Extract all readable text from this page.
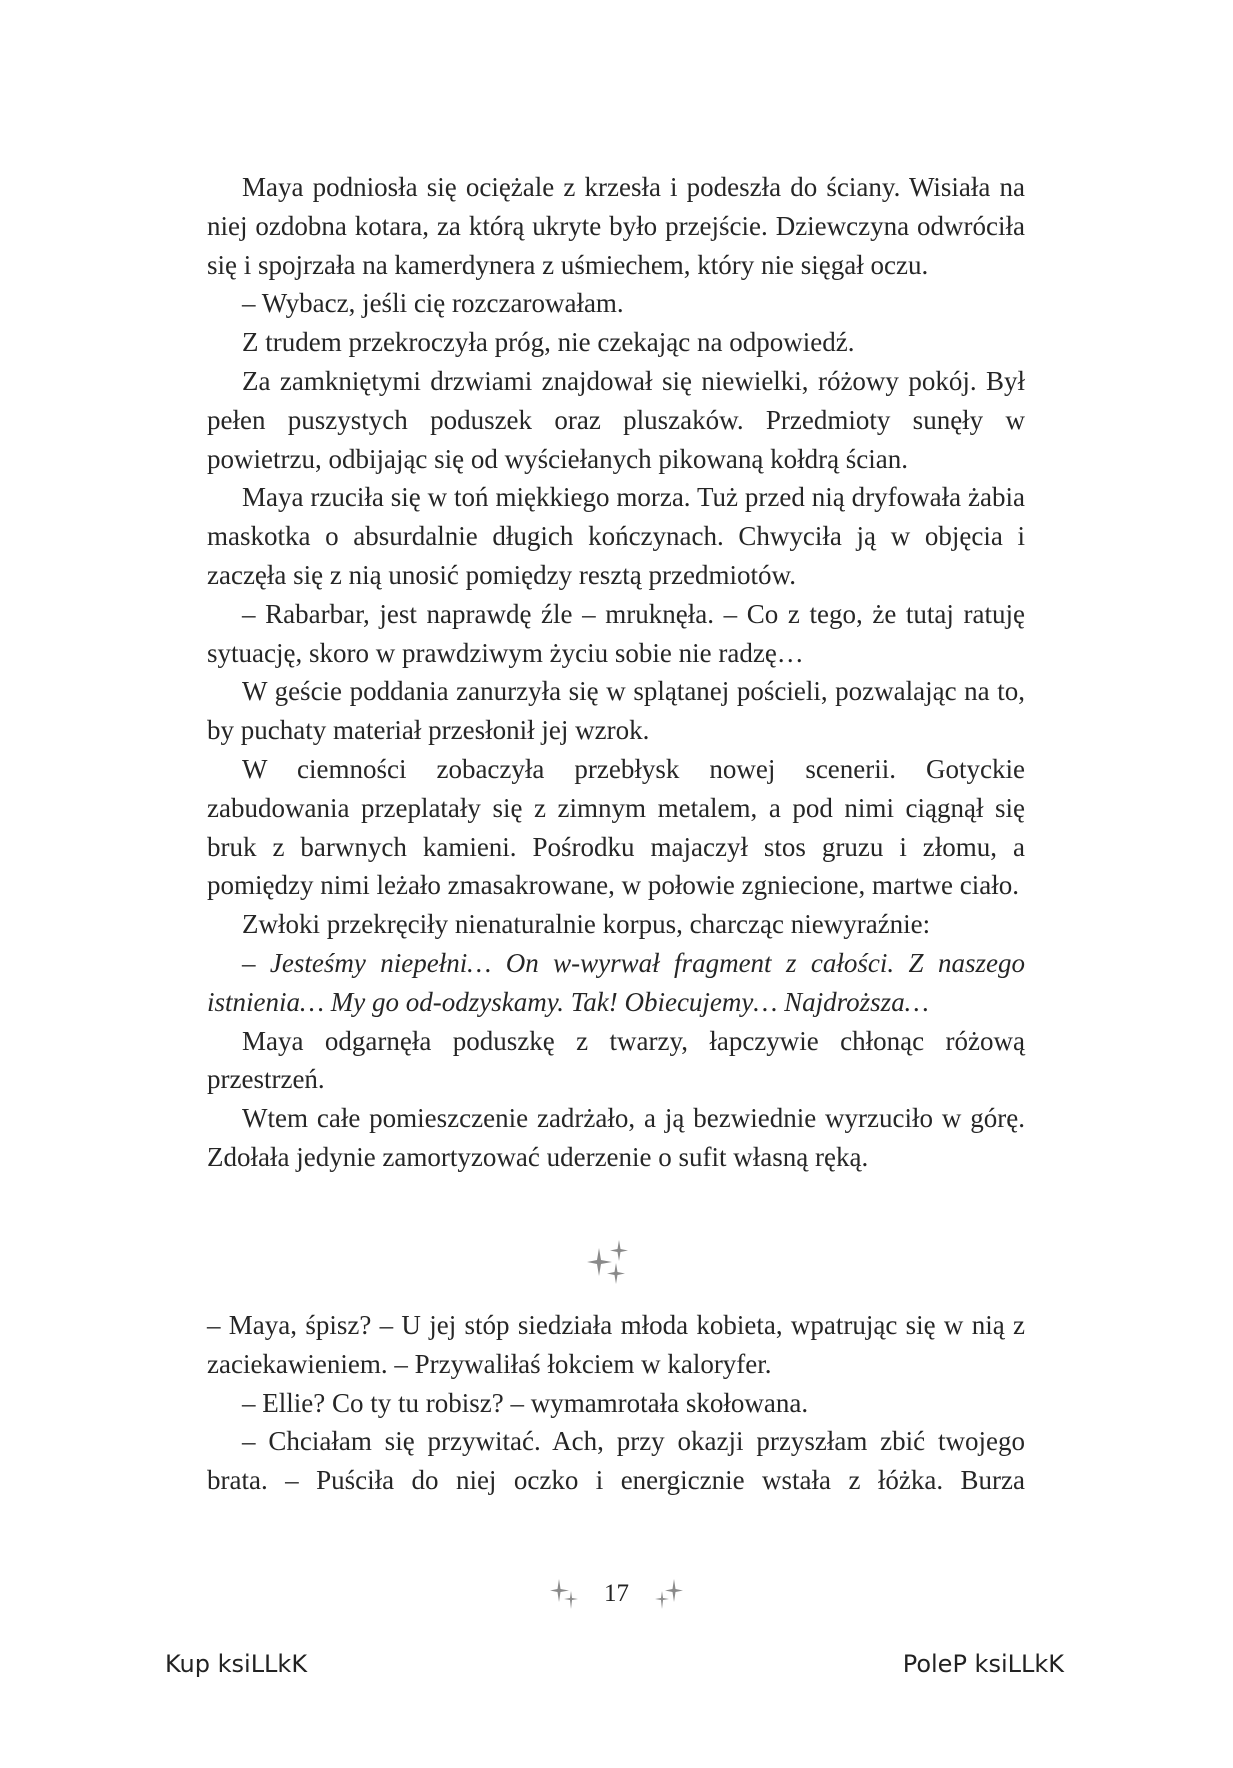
Maya podniosła się ociężale z krzesła i podeszła do ściany. Wisiała na niej ozdobna kotara, za którą ukryte było przejście. Dziewczyna odwróciła się i spojrzała na kamerdynera z uśmiechem, który nie sięgał oczu.

– Wybacz, jeśli cię rozczarowałam.

Z trudem przekroczyła próg, nie czekając na odpowiedź.

Za zamkniętymi drzwiami znajdował się niewielki, różowy pokój. Był pełen puszystych poduszek oraz pluszaków. Przedmioty sunęły w powietrzu, odbijając się od wyściełanych pikowaną kołdrą ścian.

Maya rzuciła się w toń miękkiego morza. Tuż przed nią dryfowała żabia maskotka o absurdalnie długich kończynach. Chwyciła ją w objęcia i zaczęła się z nią unosić pomiędzy resztą przedmiotów.

– Rabarbar, jest naprawdę źle – mruknęła. – Co z tego, że tutaj ratuję sytuację, skoro w prawdziwym życiu sobie nie radzę…

W geście poddania zanurzyła się w splątanej pościeli, pozwalając na to, by puchaty materiał przesłonił jej wzrok.

W ciemności zobaczyła przebłysk nowej scenerii. Gotyckie zabudowania przeplatały się z zimnym metalem, a pod nimi ciągnął się bruk z barwnych kamieni. Pośrodku majaczył stos gruzu i złomu, a pomiędzy nimi leżało zmasakrowane, w połowie zgniecione, martwe ciało.

Zwłoki przekręciły nienaturalnie korpus, charcząc niewyraźnie:

– Jesteśmy niepełni… On w-wyrwał fragment z całości. Z naszego istnienia… My go od-odzyskamy. Tak! Obiecujemy… Najdroższa…

Maya odgarnęła poduszkę z twarzy, łapczywie chłonąc różową przestrzeń.

Wtem całe pomieszczenie zadrżało, a ją bezwiednie wyrzuciło w górę. Zdołała jedynie zamortyzować uderzenie o sufit własną ręką.

– Maya, śpisz? – U jej stóp siedziała młoda kobieta, wpatrując się w nią z zaciekawieniem. – Przywaliłaś łokciem w kaloryfer.

– Ellie? Co ty tu robisz? – wymamrotała skołowana.

– Chciałam się przywitać. Ach, przy okazji przyszłam zbić twojego brata. – Puściła do niej oczko i energicznie wstała z łóżka. Burza

17
Kup ksiLLkK	PoleP ksiLLkK
